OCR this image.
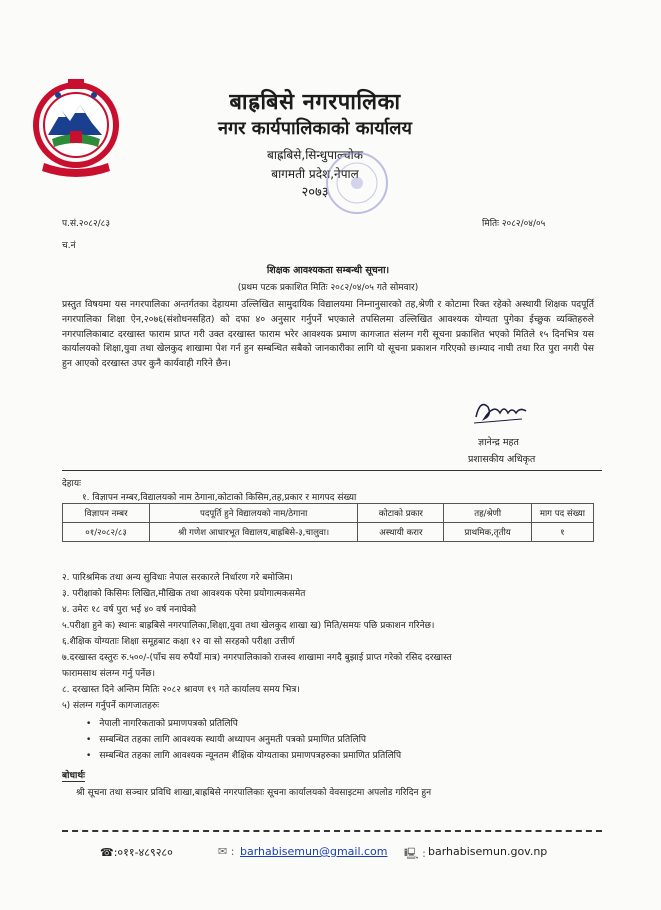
बाह्रबिसे नगरपालिका
नगर कार्यपालिकाको कार्यालय
बाह्रबिसे,सिन्धुपाल्चोक
बागमती प्रदेश,नेपाल
२०७३
प.सं.२०८२/८३
च.नं
मितिः २०८२/०४/०५
शिक्षक आवश्यकता सम्बन्धी सूचना।
(प्रथम पटक प्रकाशित मितिः २०८२/०४/०५ गते सोमवार)
प्रस्तुत विषयमा यस नगरपालिका अन्तर्गतका देहायमा उल्लिखित सामुदायिक विद्यालयमा निम्नानुसारको तह,श्रेणी र कोटामा रिक्त रहेको अस्थायी शिक्षक पदपूर्ति नगरपालिका शिक्षा ऐन,२०७६(संशोधनसहित) को दफा ४० अनुसार गर्नुपर्ने भएकाले तपसिलमा उल्लिखित आवश्यक योग्यता पुगेका ईच्छुक व्यक्तिहरुले नगरपालिकाबाट दरखास्त फाराम प्राप्त गरी उक्त दरखास्त फाराम भरेर आवश्यक प्रमाण कागजात संलग्न गरी सूचना प्रकाशित भएको मितिले १५ दिनभित्र यस कार्यालयको शिक्षा,युवा तथा खेलकुद शाखामा पेश गर्न हुन सम्बन्धित सबैको जानकारीका लागि यो सूचना प्रकाशन गरिएको छ।म्याद नाघी तथा रित पुरा नगरी पेस हुन आएको दरखास्त उपर कुनै कार्यवाही गरिने छैन।
ज्ञानेन्द्र महत
प्रशासकीय अधिकृत
देहायः
१. विज्ञापन नम्बर,विद्यालयको नाम ठेगाना,कोटाको किसिम,तह,प्रकार र मागपद संख्या
विज्ञापन नम्बर	पदपूर्ति हुने विद्यालयको नाम/ठेगाना	कोटाको प्रकार	तह/श्रेणी	माग पद संख्या
०१/२०८२/८३	श्री गणेश आधारभूत विद्यालय,बाह्रबिसे-३,चालुवा।	अस्थायी करार	प्राथमिक,तृतीय	१
२. पारिश्रमिक तथा अन्य सुविधाः नेपाल सरकारले निर्धारण गरे बमोजिम।
३. परीक्षाको किसिमः लिखित,मौखिक तथा आवश्यक परेमा प्रयोगात्मकसमेत
४. उमेरः १८ वर्ष पुरा भई ४० वर्ष ननाघेको
५.परीक्षा हुने क) स्थानः बाह्रबिसे नगरपालिका,शिक्षा,युवा तथा खेलकुद शाखा ख) मिति/समयः पछि प्रकाशन गरिनेछ।
६.शैक्षिक योग्यताः शिक्षा समूहबाट कक्षा १२ वा सो सरहको परीक्षा उत्तीर्ण
७.दरखास्त दस्तुरः रु.५००/-(पाँच सय रुपैयाँ मात्र) नगरपालिकाको राजस्व शाखामा नगदै बुझाई प्राप्त गरेको रसिद दरखास्त
फारामसाथ संलग्न गर्नु पर्नेछ।
८. दरखास्त दिने अन्तिम मितिः २०८२ श्रावण १९ गते कार्यालय समय भित्र।
५) संलग्न गर्नुपर्ने कागजातहरुः
• नेपाली नागरिकताको प्रमाणपत्रको प्रतिलिपि
• सम्बन्धित तहका लागि आवश्यक स्थायी अध्यापन अनुमती पत्रको प्रमाणित प्रतिलिपि
• सम्बन्धित तहका लागि आवश्यक न्यूनतम शैक्षिक योग्यताका प्रमाणपत्रहरुका प्रमाणित प्रतिलिपि
बोधार्थः
श्री सूचना तथा सञ्चार प्रविधि शाखा,बाह्रबिसे नगरपालिकाः सूचना कार्यालयको वेवसाइटमा अपलोड गरिदिन हुन
☎:०११-४८९२८०	✉ : barhabisemun@gmail.com 🖳 : barhabisemun.gov.np
